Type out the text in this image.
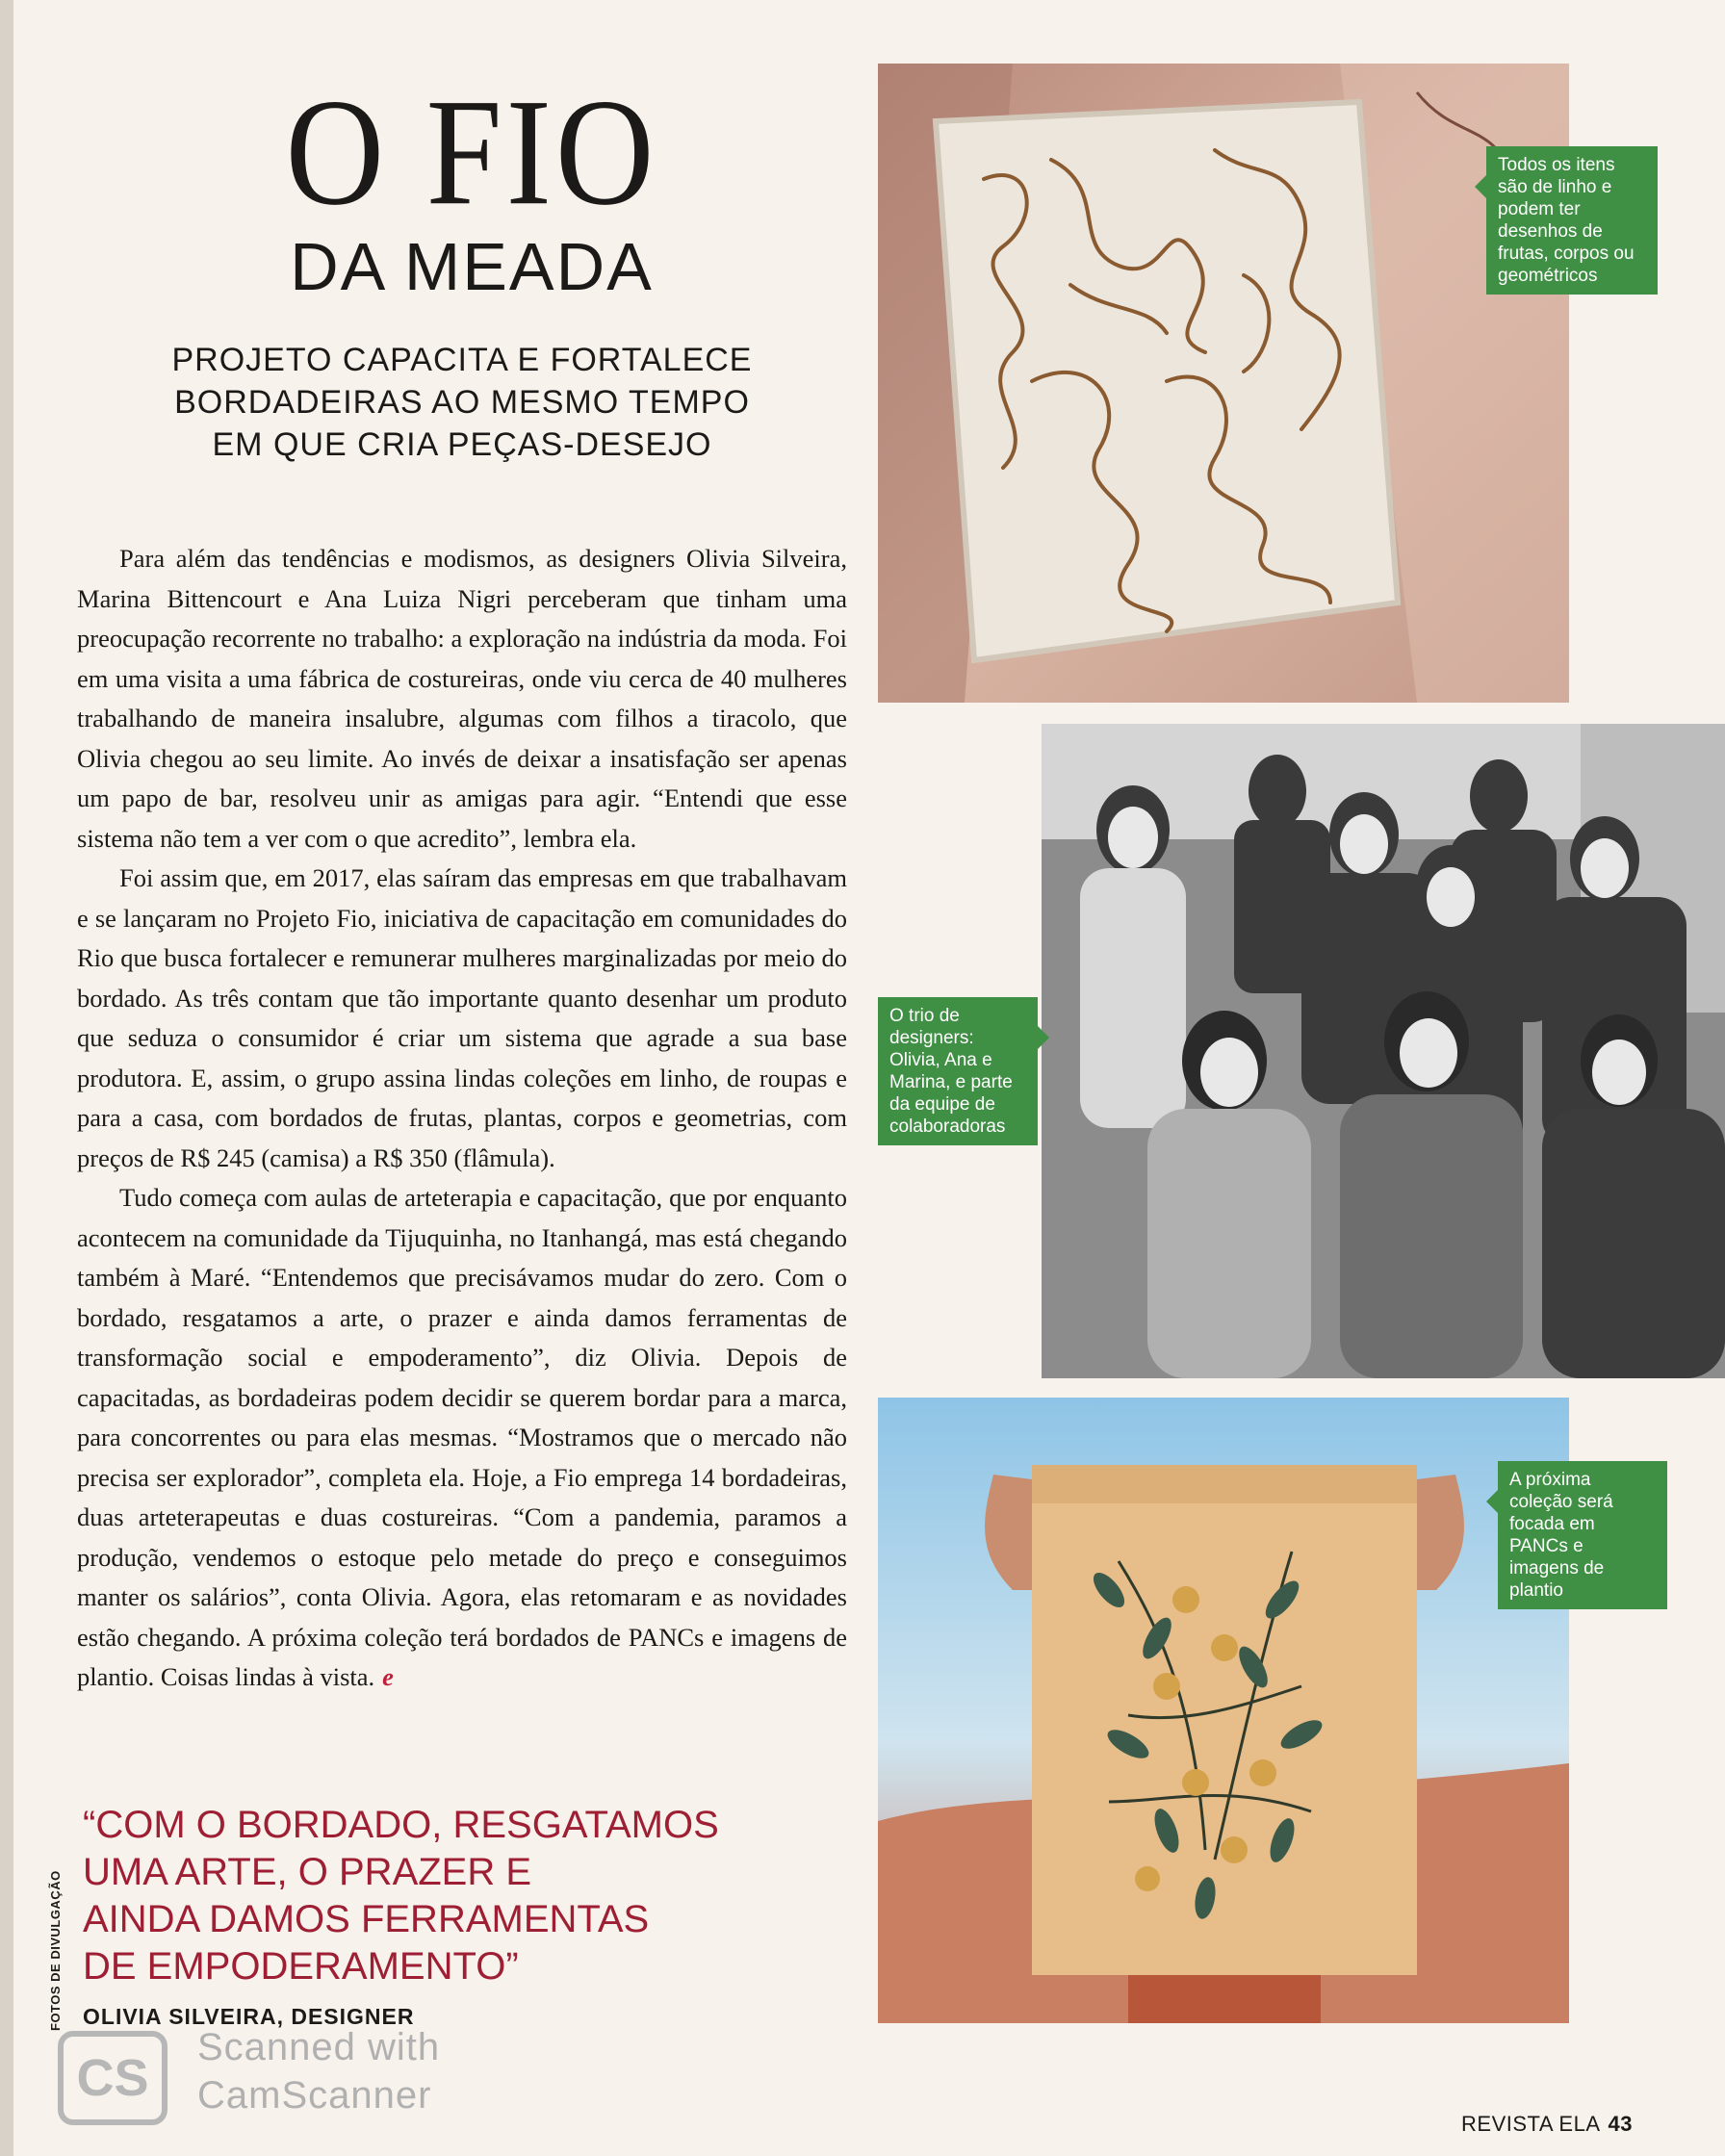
O FIO
DA MEADA
PROJETO CAPACITA E FORTALECE
BORDADEIRAS AO MESMO TEMPO
EM QUE CRIA PEÇAS-DESEJO

Para além das tendências e modismos, as designers Olivia Silveira, Marina Bittencourt e Ana Luiza Nigri perceberam que tinham uma preocupação recorrente no trabalho: a exploração na indústria da moda. Foi em uma visita a uma fábrica de costureiras, onde viu cerca de 40 mulheres trabalhando de maneira insalubre, algumas com filhos a tiracolo, que Olivia chegou ao seu limite. Ao invés de deixar a insatisfação ser apenas um papo de bar, resolveu unir as amigas para agir. “Entendi que esse sistema não tem a ver com o que acredito”, lembra ela.

Foi assim que, em 2017, elas saíram das empresas em que trabalhavam e se lançaram no Projeto Fio, iniciativa de capacitação em comunidades do Rio que busca fortalecer e remunerar mulheres marginalizadas por meio do bordado. As três contam que tão importante quanto desenhar um produto que seduza o consumidor é criar um sistema que agrade a sua base produtora. E, assim, o grupo assina lindas coleções em linho, de roupas e para a casa, com bordados de frutas, plantas, corpos e geometrias, com preços de R$ 245 (camisa) a R$ 350 (flâmula).

Tudo começa com aulas de arteterapia e capacitação, que por enquanto acontecem na comunidade da Tijuquinha, no Itanhangá, mas está chegando também à Maré. “Entendemos que precisávamos mudar do zero. Com o bordado, resgatamos a arte, o prazer e ainda damos ferramentas de transformação social e empoderamento”, diz Olivia. Depois de capacitadas, as bordadeiras podem decidir se querem bordar para a marca, para concorrentes ou para elas mesmas. “Mostramos que o mercado não precisa ser explorador”, completa ela. Hoje, a Fio emprega 14 bordadeiras, duas arteterapeutas e duas costureiras. “Com a pandemia, paramos a produção, vendemos o estoque pelo metade do preço e conseguimos manter os salários”, conta Olivia. Agora, elas retomaram e as novidades estão chegando. A próxima coleção terá bordados de PANCs e imagens de plantio. Coisas lindas à vista. e

“COM O BORDADO, RESGATAMOS
UMA ARTE, O PRAZER E
AINDA DAMOS FERRAMENTAS
DE EMPODERAMENTO”
OLIVIA SILVEIRA, DESIGNER
FOTOS DE DIVULGAÇÃO
Todos os itens são de linho e podem ter desenhos de frutas, corpos ou geométricos
O trio de designers: Olivia, Ana e Marina, e parte da equipe de colaboradoras
A próxima coleção será focada em PANCs e imagens de plantio
CS
Scanned with
CamScanner
REVISTA ELA 43
